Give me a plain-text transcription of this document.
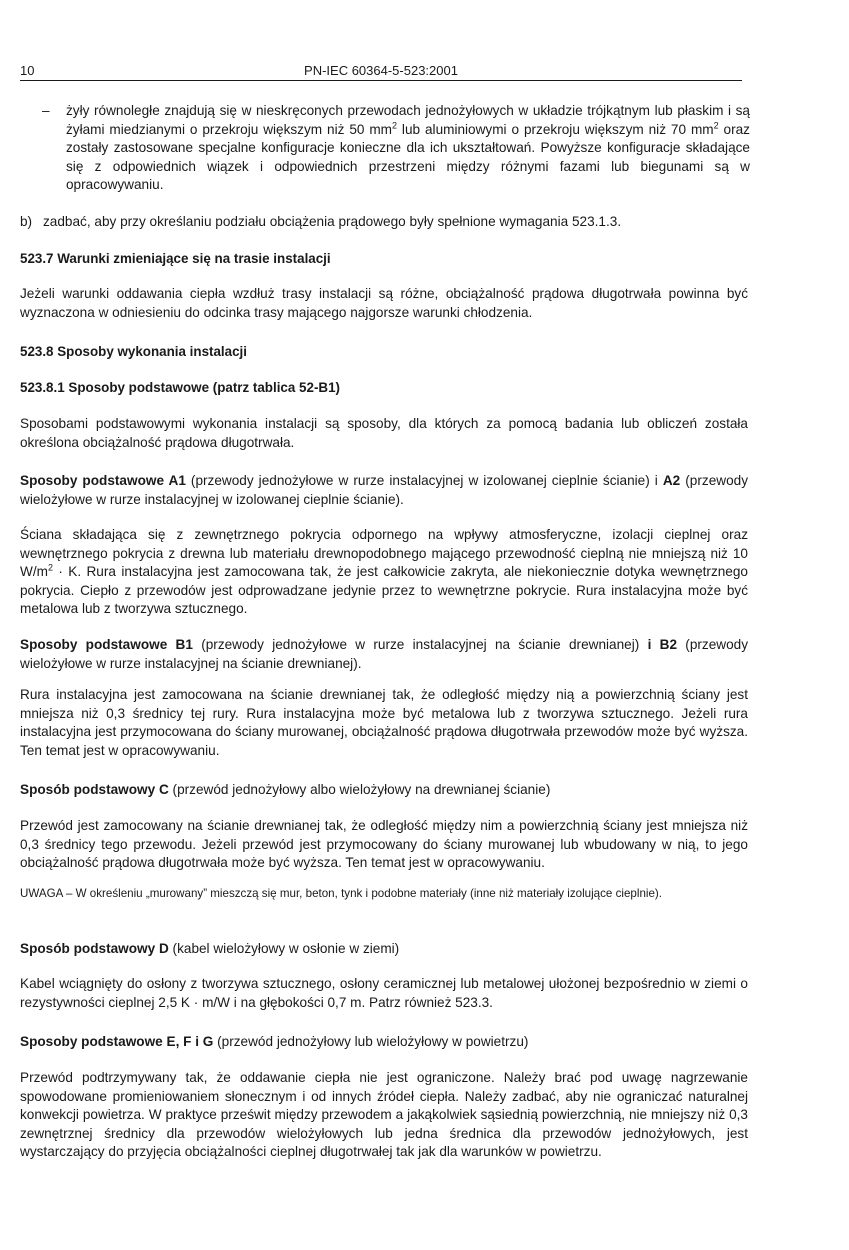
10	PN-IEC 60364-5-523:2001
– żyły równoległe znajdują się w nieskręconych przewodach jednożyłowych w układzie trójkątnym lub płaskim i są żyłami miedzianymi o przekroju większym niż 50 $mm^2$ lub aluminiowymi o przekroju większym niż 70 $mm^2$ oraz zostały zastosowane specjalne konfiguracje konieczne dla ich ukształtowań. Powyższe konfiguracje składające się z odpowiednich wiązek i odpowiednich przestrzeni między różnymi fazami lub biegunami są w opracowywaniu.

b) zadbać, aby przy określaniu podziału obciążenia prądowego były spełnione wymagania 523.1.3.

523.7 Warunki zmieniające się na trasie instalacji

Jeżeli warunki oddawania ciepła wzdłuż trasy instalacji są różne, obciążalność prądowa długotrwała powinna być wyznaczona w odniesieniu do odcinka trasy mającego najgorsze warunki chłodzenia.

523.8 Sposoby wykonania instalacji

523.8.1 Sposoby podstawowe (patrz tablica 52-B1)

Sposobami podstawowymi wykonania instalacji są sposoby, dla których za pomocą badania lub obliczeń została określona obciążalność prądowa długotrwała.

Sposoby podstawowe A1 (przewody jednożyłowe w rurze instalacyjnej w izolowanej cieplnie ścianie) i A2 (przewody wielożyłowe w rurze instalacyjnej w izolowanej cieplnie ścianie).

Ściana składająca się z zewnętrznego pokrycia odpornego na wpływy atmosferyczne, izolacji cieplnej oraz wewnętrznego pokrycia z drewna lub materiału drewnopodobnego mającego przewodność cieplną nie mniejszą niż 10 $W/m^2 \cdot K$. Rura instalacyjna jest zamocowana tak, że jest całkowicie zakryta, ale niekoniecznie dotyka wewnętrznego pokrycia. Ciepło z przewodów jest odprowadzane jedynie przez to wewnętrzne pokrycie. Rura instalacyjna może być metalowa lub z tworzywa sztucznego.

Sposoby podstawowe B1 (przewody jednożyłowe w rurze instalacyjnej na ścianie drewnianej) i B2 (przewody wielożyłowe w rurze instalacyjnej na ścianie drewnianej).

Rura instalacyjna jest zamocowana na ścianie drewnianej tak, że odległość między nią a powierzchnią ściany jest mniejsza niż 0,3 średnicy tej rury. Rura instalacyjna może być metalowa lub z tworzywa sztucznego. Jeżeli rura instalacyjna jest przymocowana do ściany murowanej, obciążalność prądowa długotrwała przewodów może być wyższa. Ten temat jest w opracowywaniu.

Sposób podstawowy C (przewód jednożyłowy albo wielożyłowy na drewnianej ścianie)

Przewód jest zamocowany na ścianie drewnianej tak, że odległość między nim a powierzchnią ściany jest mniejsza niż 0,3 średnicy tego przewodu. Jeżeli przewód jest przymocowany do ściany murowanej lub wbudowany w nią, to jego obciążalność prądowa długotrwała może być wyższa. Ten temat jest w opracowywaniu.

UWAGA – W określeniu „murowany” mieszczą się mur, beton, tynk i podobne materiały (inne niż materiały izolujące cieplnie).

Sposób podstawowy D (kabel wielożyłowy w osłonie w ziemi)

Kabel wciągnięty do osłony z tworzywa sztucznego, osłony ceramicznej lub metalowej ułożonej bezpośrednio w ziemi o rezystywności cieplnej 2,5 K · m/W i na głębokości 0,7 m. Patrz również 523.3.

Sposoby podstawowe E, F i G (przewód jednożyłowy lub wielożyłowy w powietrzu)

Przewód podtrzymywany tak, że oddawanie ciepła nie jest ograniczone. Należy brać pod uwagę nagrzewanie spowodowane promieniowaniem słonecznym i od innych źródeł ciepła. Należy zadbać, aby nie ograniczać naturalnej konwekcji powietrza. W praktyce prześwit między przewodem a jakąkolwiek sąsiednią powierzchnią, nie mniejszy niż 0,3 zewnętrznej średnicy dla przewodów wielożyłowych lub jedna średnica dla przewodów jednożyłowych, jest wystarczający do przyjęcia obciążalności cieplnej długotrwałej tak jak dla warunków w powietrzu.
